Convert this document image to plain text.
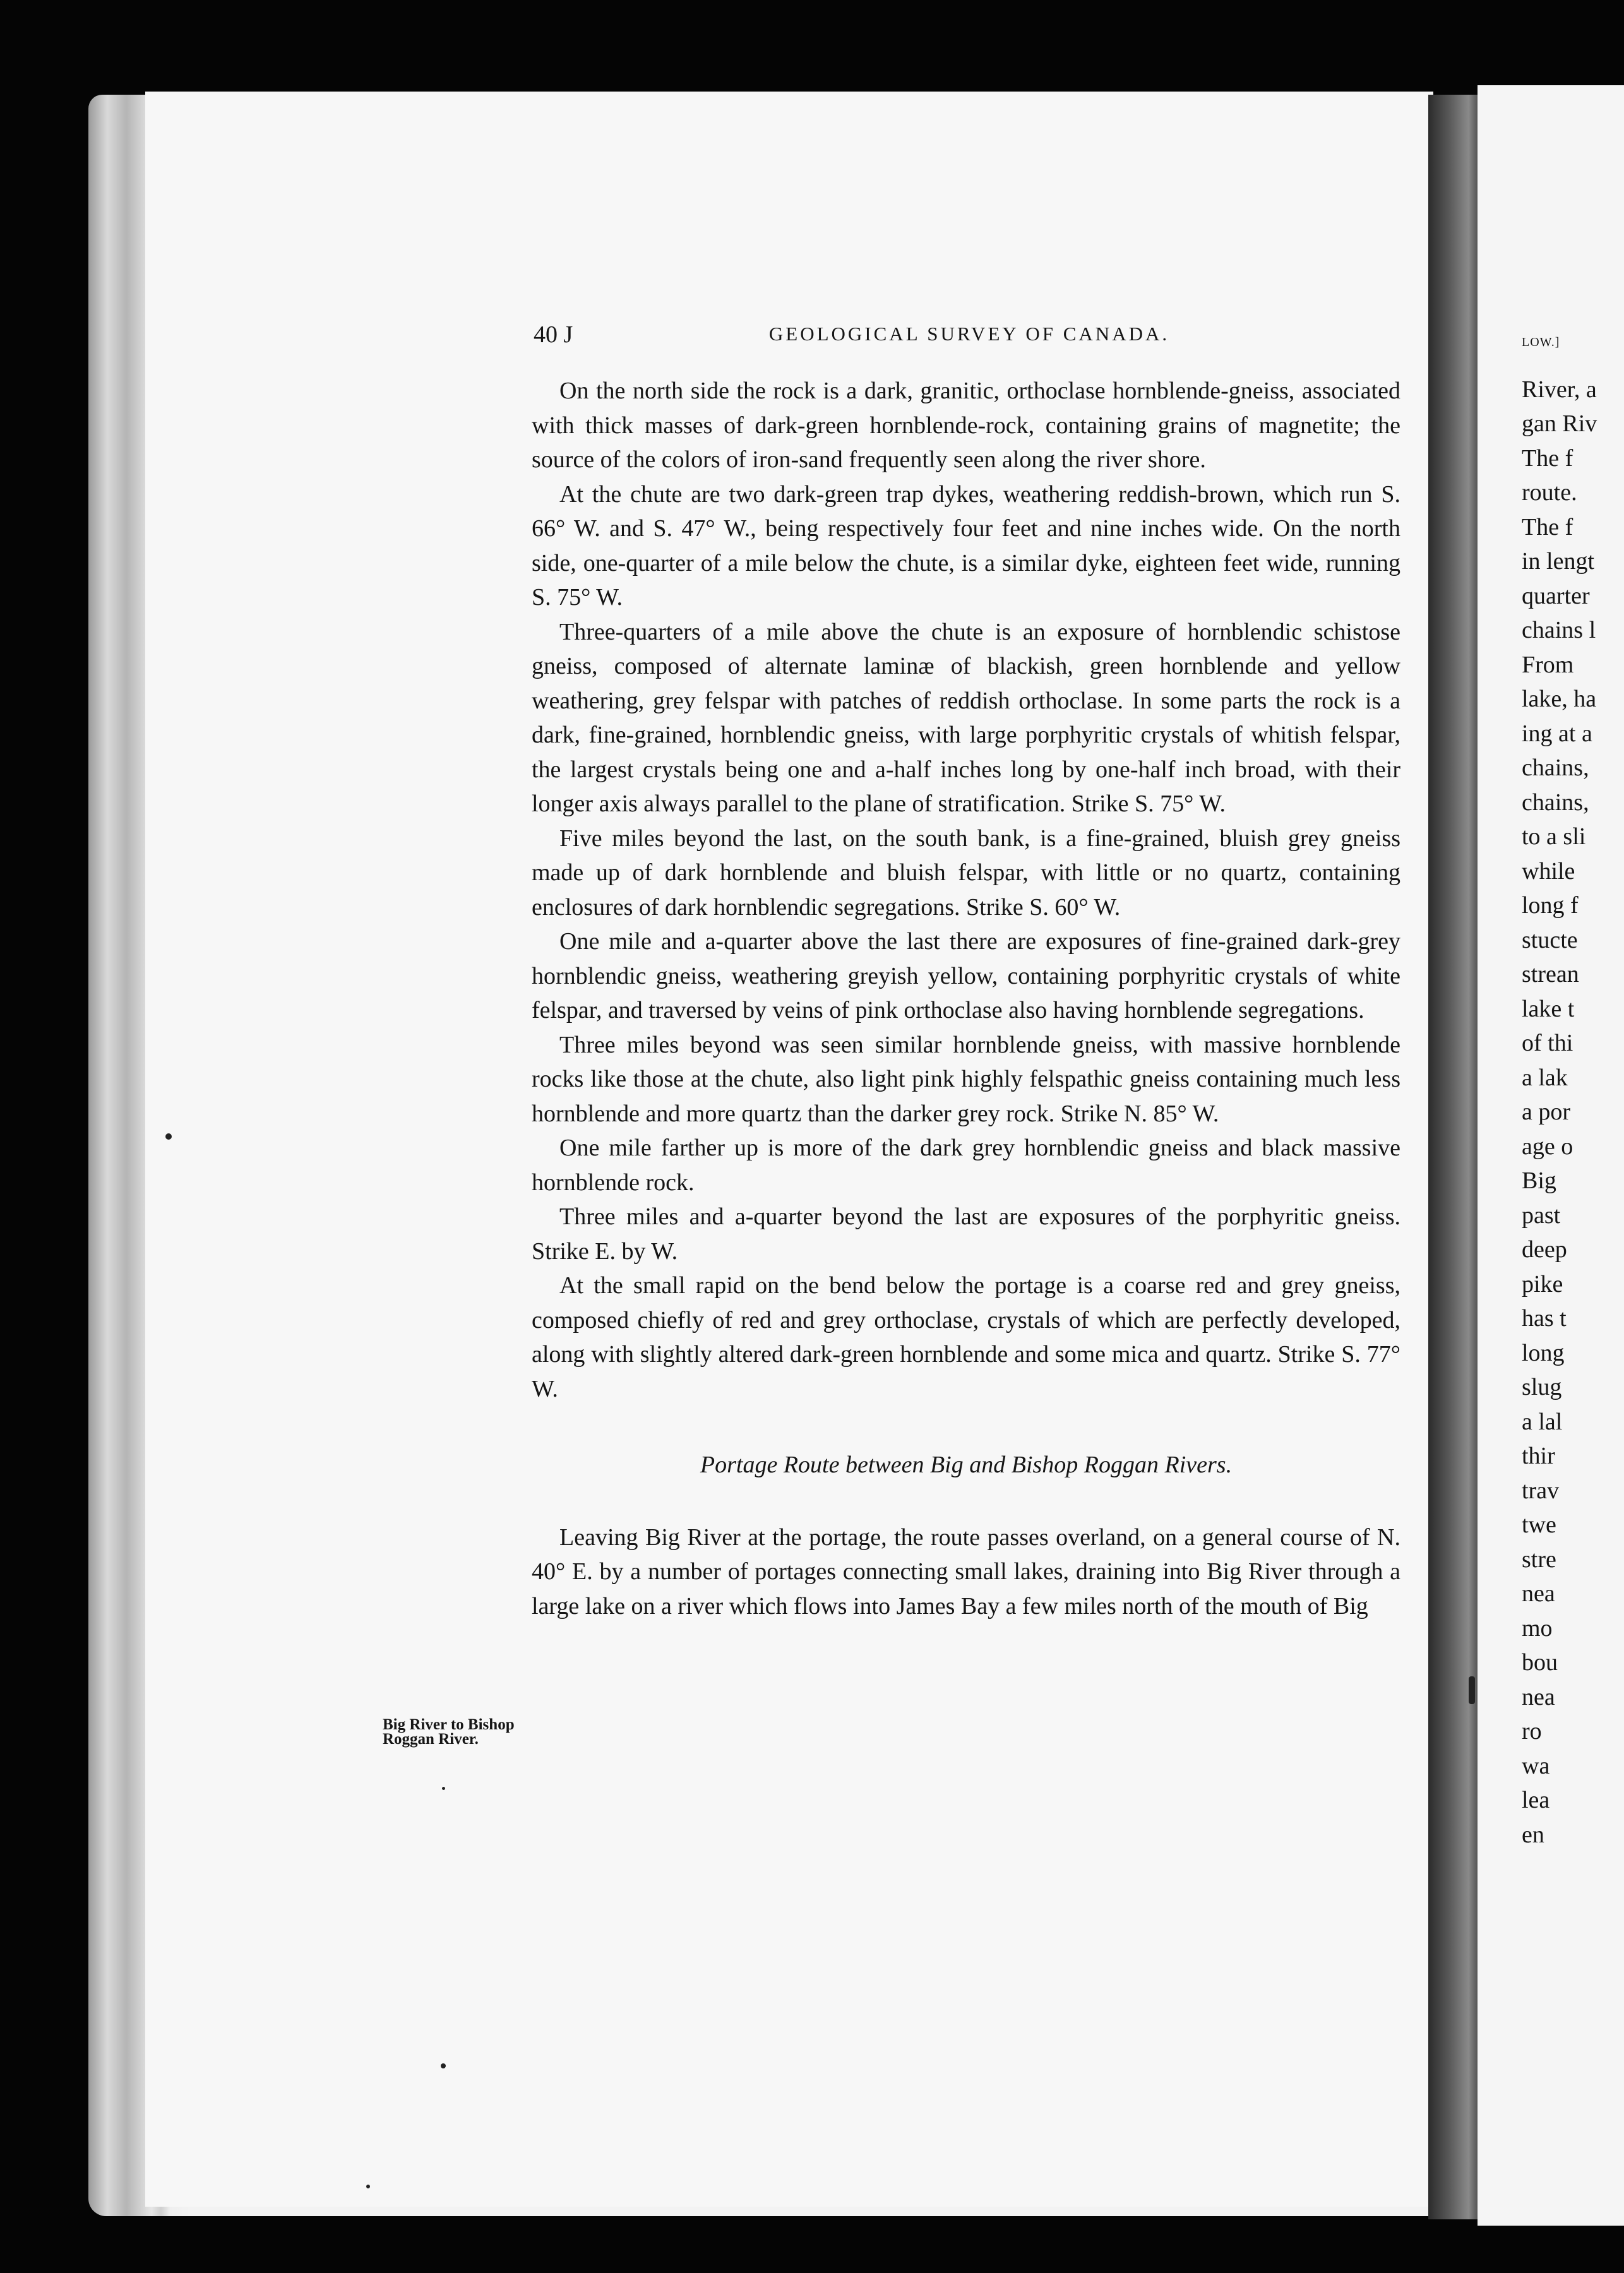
LOW.]
River, a
gan Riv
The f
route.
The f
in lengt
quarter
chains l
From
lake, ha
ing at a
chains,
chains,
to a sli
while
long f
stucte
strean
lake t
of thi
a lak
a por
age o
Big
past
deep
pike
has t
long
slug
a lal
thir
trav
twe
stre
nea
mo
bou
nea
ro
wa
lea
en
40 J	GEOLOGICAL SURVEY OF CANADA.

On the north side the rock is a dark, granitic, orthoclase hornblende-gneiss, associated with thick masses of dark-green hornblende-rock, containing grains of magnetite; the source of the colors of iron-sand frequently seen along the river shore.

At the chute are two dark-green trap dykes, weathering reddish-brown, which run S. 66° W. and S. 47° W., being respectively four feet and nine inches wide. On the north side, one-quarter of a mile below the chute, is a similar dyke, eighteen feet wide, running S. 75° W.

Three-quarters of a mile above the chute is an exposure of hornblendic schistose gneiss, composed of alternate laminæ of blackish, green hornblende and yellow weathering, grey felspar with patches of reddish orthoclase. In some parts the rock is a dark, fine-grained, hornblendic gneiss, with large porphyritic crystals of whitish felspar, the largest crystals being one and a-half inches long by one-half inch broad, with their longer axis always parallel to the plane of stratification. Strike S. 75° W.

Five miles beyond the last, on the south bank, is a fine-grained, bluish grey gneiss made up of dark hornblende and bluish felspar, with little or no quartz, containing enclosures of dark hornblendic segregations. Strike S. 60° W.

One mile and a-quarter above the last there are exposures of fine-grained dark-grey hornblendic gneiss, weathering greyish yellow, containing porphyritic crystals of white felspar, and traversed by veins of pink orthoclase also having hornblende segregations.

Three miles beyond was seen similar hornblende gneiss, with massive hornblende rocks like those at the chute, also light pink highly felspathic gneiss containing much less hornblende and more quartz than the darker grey rock. Strike N. 85° W.

One mile farther up is more of the dark grey hornblendic gneiss and black massive hornblende rock.

Three miles and a-quarter beyond the last are exposures of the porphyritic gneiss. Strike E. by W.

At the small rapid on the bend below the portage is a coarse red and grey gneiss, composed chiefly of red and grey orthoclase, crystals of which are perfectly developed, along with slightly altered dark-green hornblende and some mica and quartz. Strike S. 77° W.

Portage Route between Big and Bishop Roggan Rivers.

Leaving Big River at the portage, the route passes overland, on a general course of N. 40° E. by a number of portages connecting small lakes, draining into Big River through a large lake on a river which flows into James Bay a few miles north of the mouth of Big

Big River to Bishop Roggan River.
